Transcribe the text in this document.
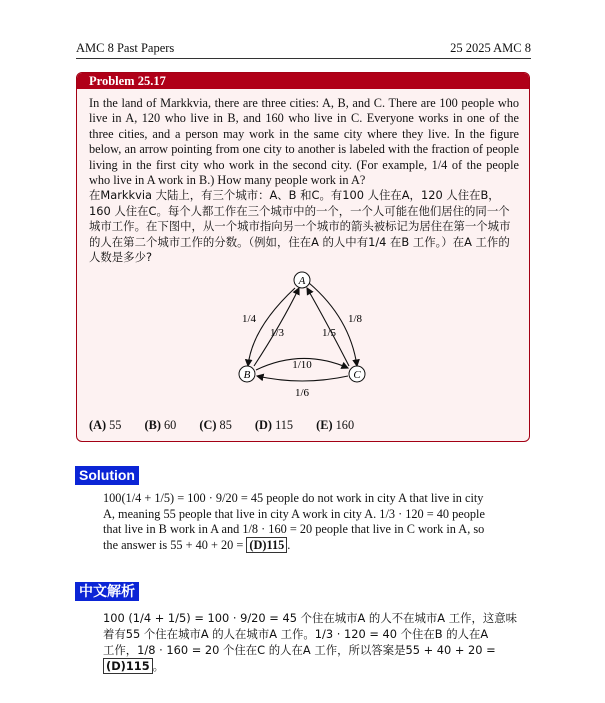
AMC 8 Past Papers	25 2025 AMC 8
Problem 25.17

In the land of Markkvia, there are three cities: A, B, and C. There are 100 people who live in A, 120 who live in B, and 160 who live in C. Everyone works in one of the three cities, and a person may work in the same city where they live. In the figure below, an arrow pointing from one city to another is labeled with the fraction of people living in the first city who work in the second city. (For example, 1/4 of the people who live in A work in B.) How many people work in A?

在Markkvia 大陆上，有三个城市：A、B 和C。有100 人住在A，120 人住在B，160 人住在C。每个人都工作在三个城市中的一个，一个人可能在他们居住的同一个城市工作。在下图中，从一个城市指向另一个城市的箭头被标记为居住在第一个城市的人在第二个城市工作的分数。（例如，住在A 的人中有1/4 在B 工作。）在A 工作的人数是多少?

(A) 55 (B) 60 (C) 85 (D) 115 (E) 160
A
B	C
1/4
1/3	1/5
1/8
1/10
1/6
Solution

100(1/4 + 1/5) = 100 · 9/20 = 45 people do not work in city A that live in city

A, meaning 55 people that live in city A work in city A. 1/3 · 120 = 40 people

that live in B work in A and 1/8 · 160 = 20 people that live in C work in A, so

the answer is 55 + 40 + 20 = (D)115 .

中文解析

100 (1/4 + 1/5) = 100 · 9/20 = 45 个住在城市A 的人不在城市A 工作，这意味

着有55 个住在城市A 的人在城市A 工作。1/3 · 120 = 40 个住在B 的人在A

工作，1/8 · 160 = 20 个住在C 的人在A 工作，所以答案是55 + 40 + 20 =

(D)115 。
